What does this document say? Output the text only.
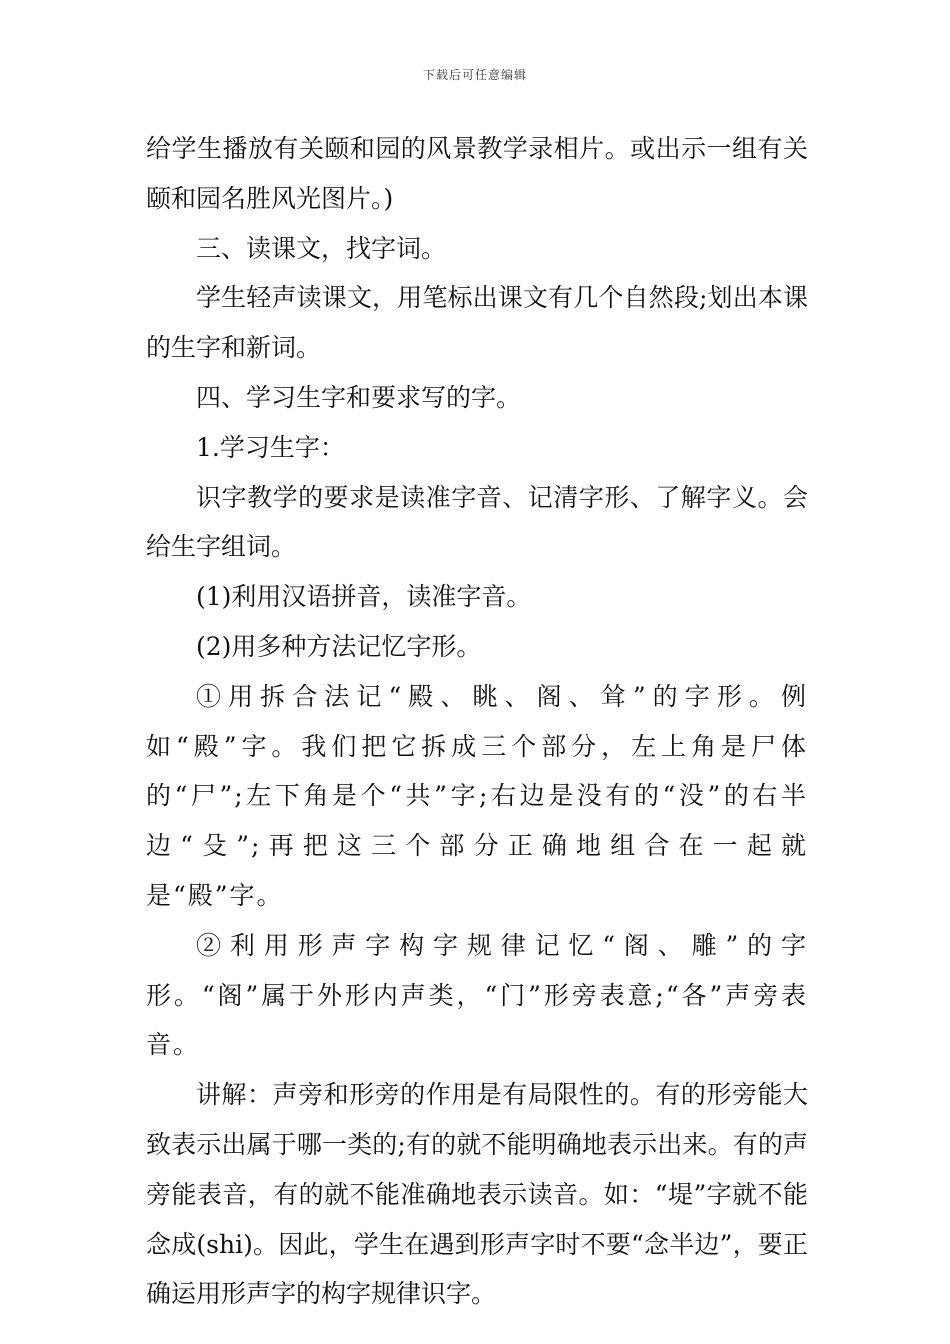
下载后可任意编辑

给学生播放有关颐和园的风景教学录相片。或出示一组有关颐和园名胜风光图片。)

三、读课文，找字词。

学生轻声读课文，用笔标出课文有几个自然段;划出本课的生字和新词。

四、学习生字和要求写的字。

1.学习生字：

识字教学的要求是读准字音、记清字形、了解字义。会给生字组词。

(1)利用汉语拼音，读准字音。

(2)用多种方法记忆字形。

①用拆合法记“殿、眺、阁、耸”的字形。例如“殿”字。我们把它拆成三个部分，左上角是尸体的“尸”;左下角是个“共”字;右边是没有的“没”的右半边“殳”;再把这三个部分正确地组合在一起就是“殿”字。

②利用形声字构字规律记忆“阁、雕”的字形。“阁”属于外形内声类，“门”形旁表意;“各”声旁表音。

讲解：声旁和形旁的作用是有局限性的。有的形旁能大致表示出属于哪一类的;有的就不能明确地表示出来。有的声旁能表音，有的就不能准确地表示读音。如：“堤”字就不能念成(shi)。因此，学生在遇到形声字时不要“念半边”，要正确运用形声字的构字规律识字。
